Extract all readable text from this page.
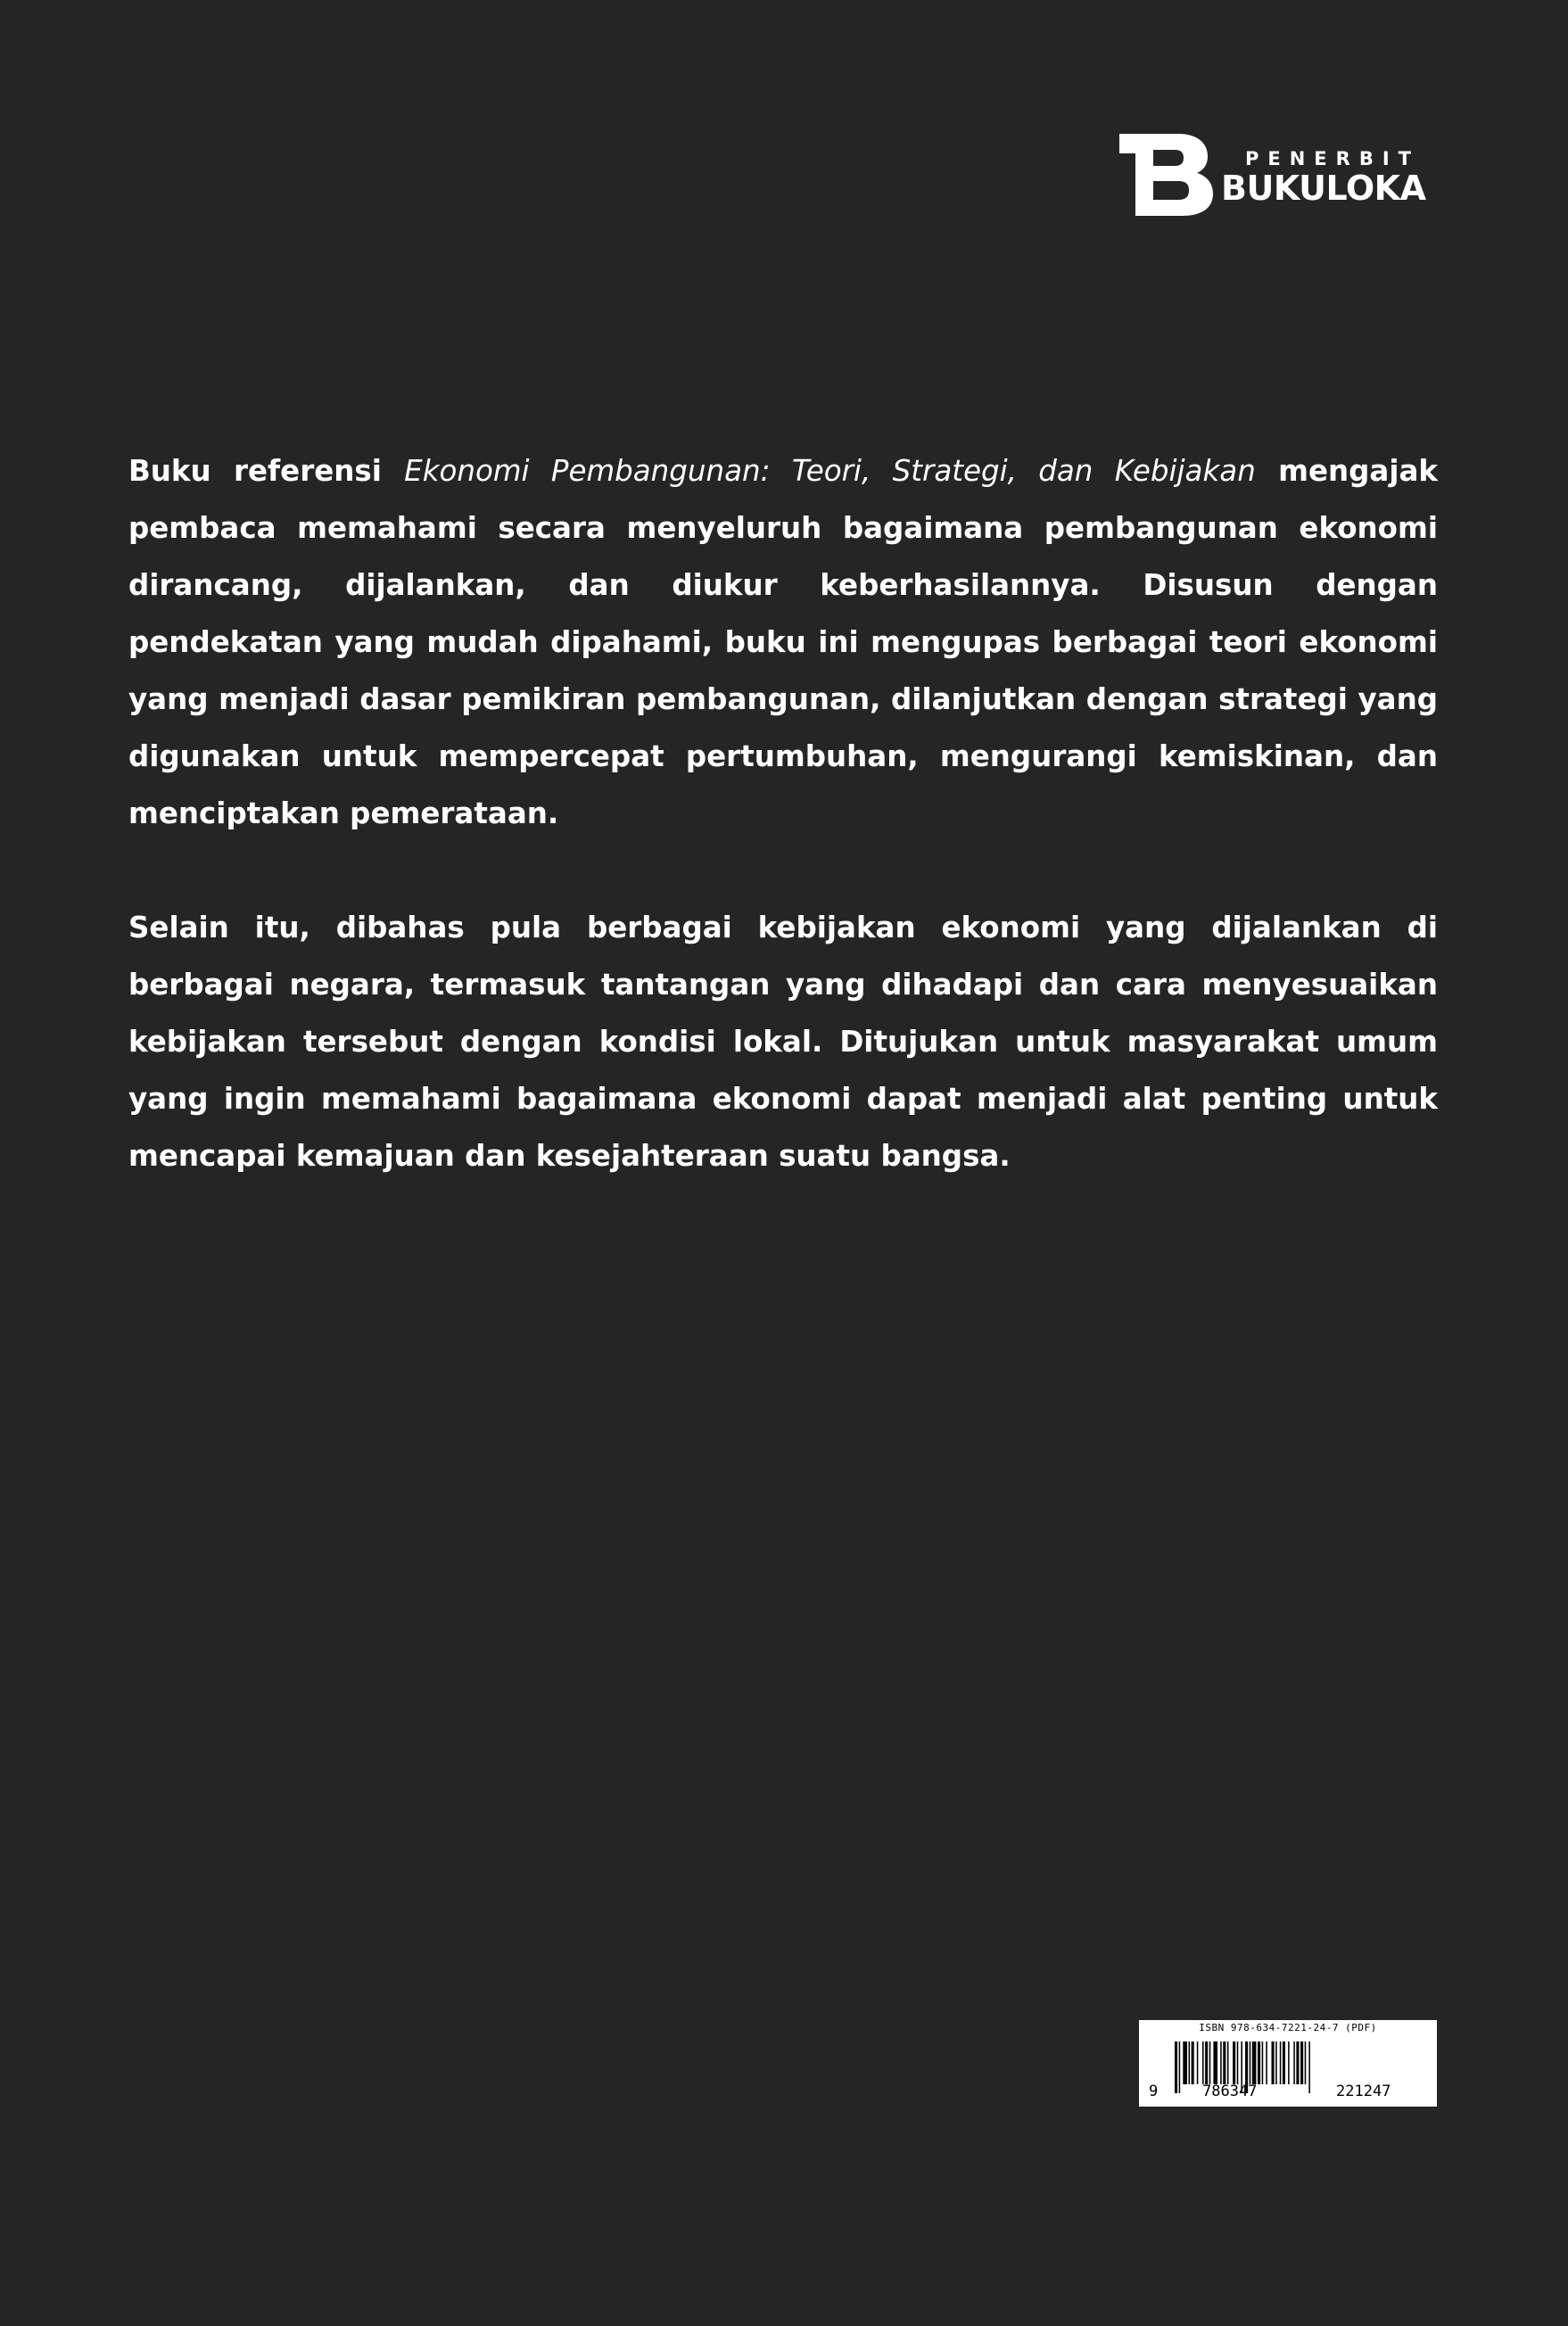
PENERBIT
BUKULOKA

Buku referensi Ekonomi Pembangunan: Teori, Strategi, dan Kebijakan mengajak pembaca memahami secara menyeluruh bagaimana pembangunan ekonomi dirancang, dijalankan, dan diukur keberhasilannya. Disusun dengan pendekatan yang mudah dipahami, buku ini mengupas berbagai teori ekonomi yang menjadi dasar pemikiran pembangunan, dilanjutkan dengan strategi yang digunakan untuk mempercepat pertumbuhan, mengurangi kemiskinan, dan menciptakan pemerataan.

Selain itu, dibahas pula berbagai kebijakan ekonomi yang dijalankan di berbagai negara, termasuk tantangan yang dihadapi dan cara menyesuaikan kebijakan tersebut dengan kondisi lokal. Ditujukan untuk masyarakat umum yang ingin memahami bagaimana ekonomi dapat menjadi alat penting untuk mencapai kemajuan dan kesejahteraan suatu bangsa.

ISBN 978-634-7221-24-7 (PDF)
9	786347	221247
